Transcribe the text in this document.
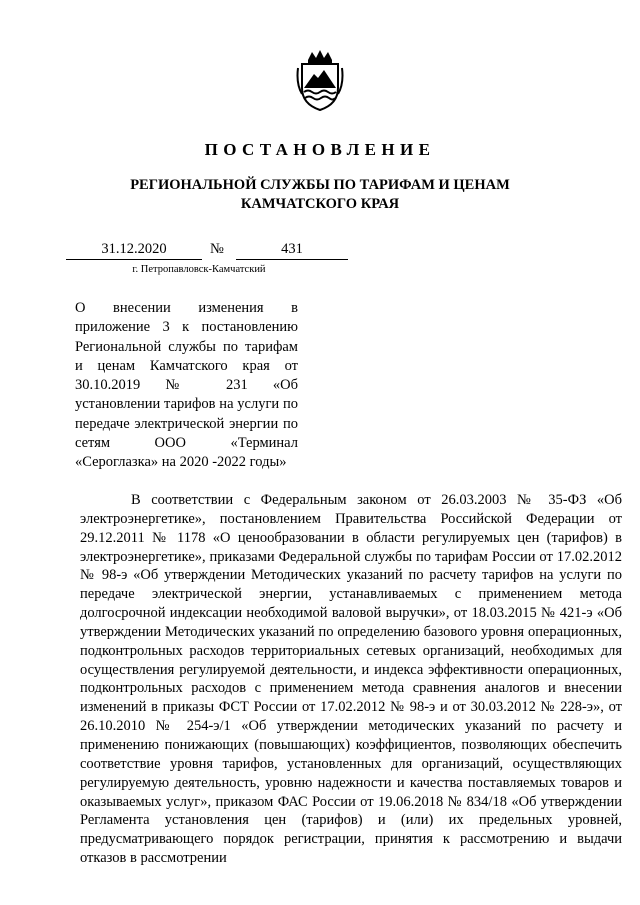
ПОСТАНОВЛЕНИЕ
РЕГИОНАЛЬНОЙ СЛУЖБЫ ПО ТАРИФАМ И ЦЕНАМ
КАМЧАТСКОГО КРАЯ
31.12.2020	№	431
г. Петропавловск-Камчатский
О внесении изменения в приложение 3 к постановлению Региональной службы по тарифам и ценам Камчатского края от 30.10.2019 № 231 «Об установлении тарифов на услуги по передаче электрической энергии по сетям ООО «Терминал «Сероглазка» на 2020 -2022 годы»
В соответствии с Федеральным законом от 26.03.2003 № 35-ФЗ «Об электроэнергетике», постановлением Правительства Российской Федерации от 29.12.2011 № 1178 «О ценообразовании в области регулируемых цен (тарифов) в электроэнергетике», приказами Федеральной службы по тарифам России от 17.02.2012 № 98-э «Об утверждении Методических указаний по расчету тарифов на услуги по передаче электрической энергии, устанавливаемых с применением метода долгосрочной индексации необходимой валовой выручки», от 18.03.2015 № 421-э «Об утверждении Методических указаний по определению базового уровня операционных, подконтрольных расходов территориальных сетевых организаций, необходимых для осуществления регулируемой деятельности, и индекса эффективности операционных, подконтрольных расходов с применением метода сравнения аналогов и внесении изменений в приказы ФСТ России от 17.02.2012 № 98-э и от 30.03.2012 № 228-э», от 26.10.2010 № 254-э/1 «Об утверждении методических указаний по расчету и применению понижающих (повышающих) коэффициентов, позволяющих обеспечить соответствие уровня тарифов, установленных для организаций, осуществляющих регулируемую деятельность, уровню надежности и качества поставляемых товаров и оказываемых услуг», приказом ФАС России от 19.06.2018 № 834/18 «Об утверждении Регламента установления цен (тарифов) и (или) их предельных уровней, предусматривающего порядок регистрации, принятия к рассмотрению и выдачи отказов в рассмотрении
